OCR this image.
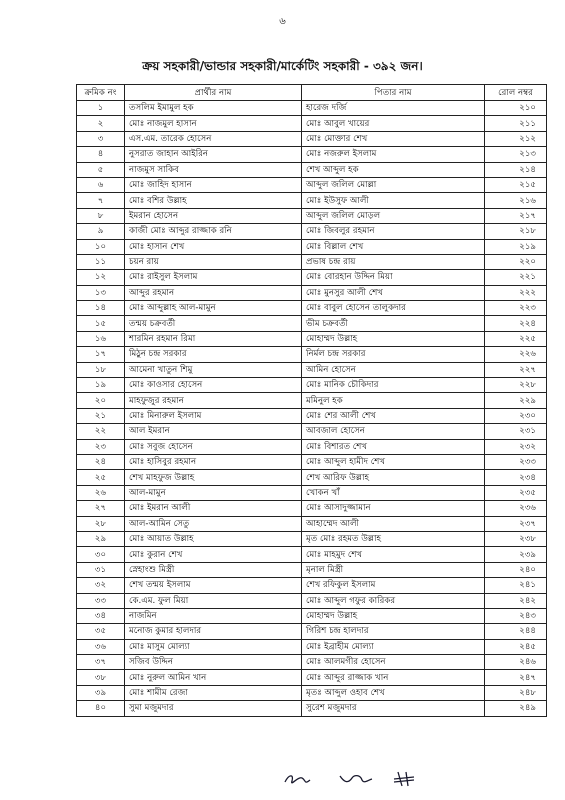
৬
ক্রয় সহকারী/ভান্ডার সহকারী/মার্কেটিং সহকারী - ৩৯২ জন।
ক্রমিক নং	প্রার্থীর নাম	পিতার নাম	রোল নম্বর
১	তসলিম ইমামুল হক	হারেজ দর্জি	২১০
২	মোঃ নাজমুল হাসান	মোঃ আবুল খায়ের	২১১
৩	এস.এম. তারেক হোসেন	মোঃ মোক্তার শেখ	২১২
৪	নুসরাত জাহান আইরিন	মোঃ নজরুল ইসলাম	২১৩
৫	নাজমুস সাকিব	শেখ আব্দুল হক	২১৪
৬	মোঃ জাহিদ হাসান	আব্দুল জলিল মোল্লা	২১৫
৭	মোঃ বশির উল্লাহ	মোঃ ইউসুফ আলী	২১৬
৮	ইমরান হোসেন	আব্দুল জলিল মোড়ল	২১৭
৯	কাজী মোঃ আব্দুর রাজ্জাক রনি	মোঃ জিবলুর রহমান	২১৮
১০	মোঃ হাসান শেখ	মোঃ বিল্লাল শেখ	২১৯
১১	চয়ন রায়	প্রভাষ চন্দ্র রায়	২২০
১২	মোঃ রাইসুল ইসলাম	মোঃ বোরহান উদ্দিন মিয়া	২২১
১৩	আব্দুর রহমান	মোঃ মুনসুর আলী শেখ	২২২
১৪	মোঃ আব্দুল্লাহ আল-মামুন	মোঃ বাবুল হোসেন তালুকদার	২২৩
১৫	তন্ময় চক্রবর্তী	ভীম চক্রবর্তী	২২৪
১৬	শারমিন রহমান রিমা	মোহাম্মদ উল্লাহ	২২৫
১৭	মিঠুন চন্দ্র সরকার	নির্মল চন্দ্র সরকার	২২৬
১৮	আমেনা খাতুন শিমু	আমিন হোসেন	২২৭
১৯	মোঃ কাওসার হোসেন	মোঃ মানিক চৌকিদার	২২৮
২০	মাহফুজুর রহমান	মমিনুল হক	২২৯
২১	মোঃ মিনারুল ইসলাম	মোঃ শের আলী শেখ	২৩০
২২	আল ইমরান	আবজাল হোসেন	২৩১
২৩	মোঃ সবুজ হোসেন	মোঃ বিশারত শেখ	২৩২
২৪	মোঃ হাসিবুর রহমান	মোঃ আব্দুল হামীদ শেখ	২৩৩
২৫	শেখ মাহফুজ উল্লাহ	শেখ আরিফ উল্লাহ	২৩৪
২৬	আল-মামুন	খোকন খাঁ	২৩৫
২৭	মোঃ ইমরান আলী	মোঃ আসাদুজ্জামান	২৩৬
২৮	আল-আমিন সেতু	আহাম্মেদ আলী	২৩৭
২৯	মোঃ আয়াত উল্লাহ	মৃত মোঃ রহমত উল্লাহ	২৩৮
৩০	মোঃ কুরান শেখ	মোঃ মাহমুদ শেখ	২৩৯
৩১	স্নেহাংশু মিস্ত্রী	মৃনাল মিস্ত্রী	২৪০
৩২	শেখ তন্ময় ইসলাম	শেখ রফিকুল ইসলাম	২৪১
৩৩	কে.এম. ফুল মিয়া	মোঃ আব্দুল গফুর কারিকর	২৪২
৩৪	নাজমিন	মোহাম্মদ উল্লাহ	২৪৩
৩৫	মনোজ কুমার হালদার	গিরিশ চন্দ্র হালদার	২৪৪
৩৬	মোঃ মাসুম মোল্যা	মোঃ ইব্রাহীম মোল্যা	২৪৫
৩৭	সজিব উদ্দিন	মোঃ আলমগীর হোসেন	২৪৬
৩৮	মোঃ নুরুল আমিন খান	মোঃ আব্দুর রাজ্জাক খান	২৪৭
৩৯	মোঃ শামীম রেজা	মৃতঃ আব্দুল ওহাব শেখ	২৪৮
৪০	সুমা মজুমদার	সুরেশ মজুমদার	২৪৯
